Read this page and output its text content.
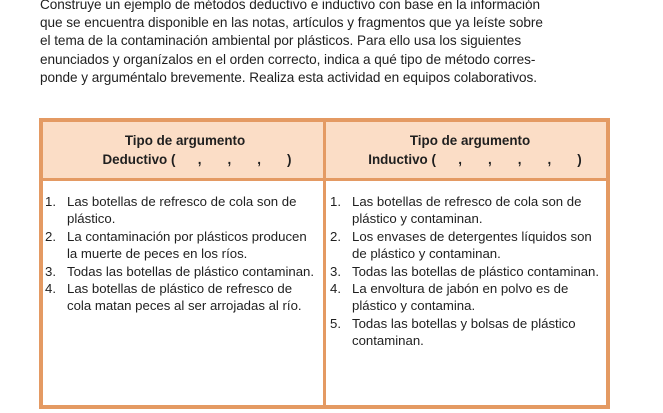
Construye un ejemplo de métodos deductivo e inductivo con base en la información
que se encuentra disponible en las notas, artículos y fragmentos que ya leíste sobre
el tema de la contaminación ambiental por plásticos. Para ello usa los siguientes
enunciados y organízalos en el orden correcto, indica a qué tipo de método corres-
ponde y arguméntalo brevemente. Realiza esta actividad en equipos colaborativos.
Tipo de argumento
Deductivo (      ,       ,       ,       )
Tipo de argumento
Inductivo (      ,       ,       ,       ,       )
1. Las botellas de refresco de cola son de plástico.
2. La contaminación por plásticos producen la muerte de peces en los ríos.
3. Todas las botellas de plástico contaminan.
4. Las botellas de plástico de refresco de cola matan peces al ser arrojadas al río.
1. Las botellas de refresco de cola son de plástico y contaminan.
2. Los envases de detergentes líquidos son de plástico y contaminan.
3. Todas las botellas de plástico contaminan.
4. La envoltura de jabón en polvo es de plástico y contamina.
5. Todas las botellas y bolsas de plástico contaminan.
